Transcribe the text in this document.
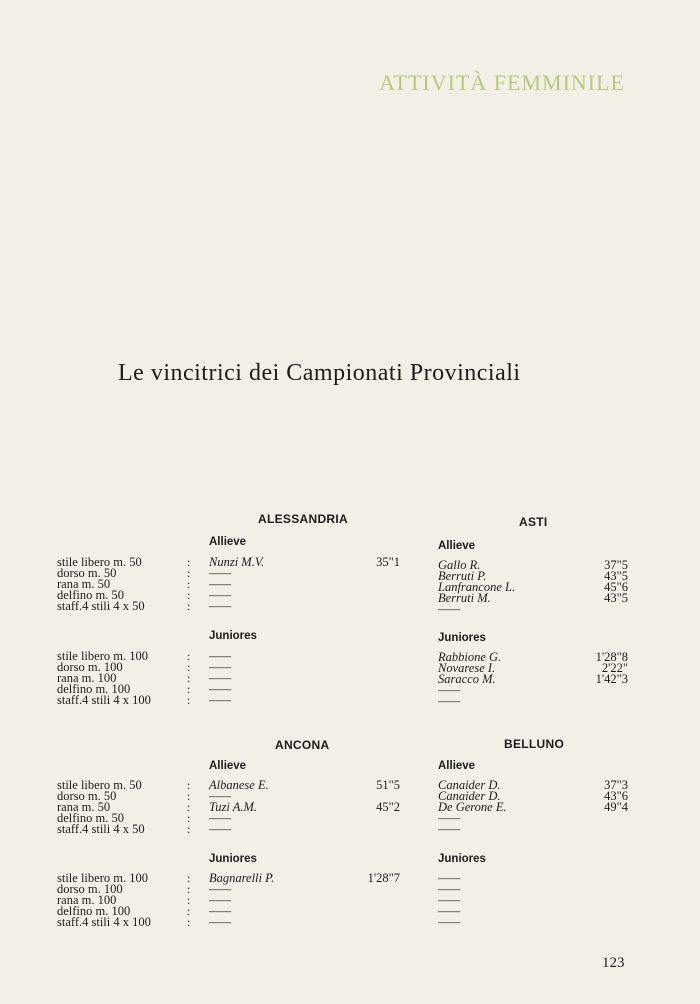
ATTIVITÀ FEMMINILE
Le vincitrici dei Campionati Provinciali
ALESSANDRIA
Allieve
stile libero m. 50
dorso m. 50
rana m. 50
delfino m. 50
staff.4 stili 4 x 50
:
:
:
:
:
Nunzi M.V.
——
——
——
——
35"1
Juniores
stile libero m. 100
dorso m. 100
rana m. 100
delfino m. 100
staff.4 stili 4 x 100
:
:
:
:
:
——
——
——
——
——
ASTI
Allieve
Gallo R.
Berruti P.
Lanfrancone L.
Berruti M.
——
37"5
43"5
45"6
43"5
Juniores
Rabbione G.
Novarese I.
Saracco M.
——
——
1'28"8
2'22"
1'42"3
ANCONA
Allieve
stile libero m. 50
dorso m. 50
rana m. 50
delfino m. 50
staff.4 stili 4 x 50
:
:
:
:
:
Albanese E.
——
Tuzi A.M.
——
——
51"5
45"2
Juniores
stile libero m. 100
dorso m. 100
rana m. 100
delfino m. 100
staff.4 stili 4 x 100
:
:
:
:
:
Bagnarelli P.
——
——
——
——
1'28"7
BELLUNO
Allieve
Canaider D.
Canaider D.
De Gerone E.
——
——
37"3
43"6
49"4
Juniores
——
——
——
——
——
123
